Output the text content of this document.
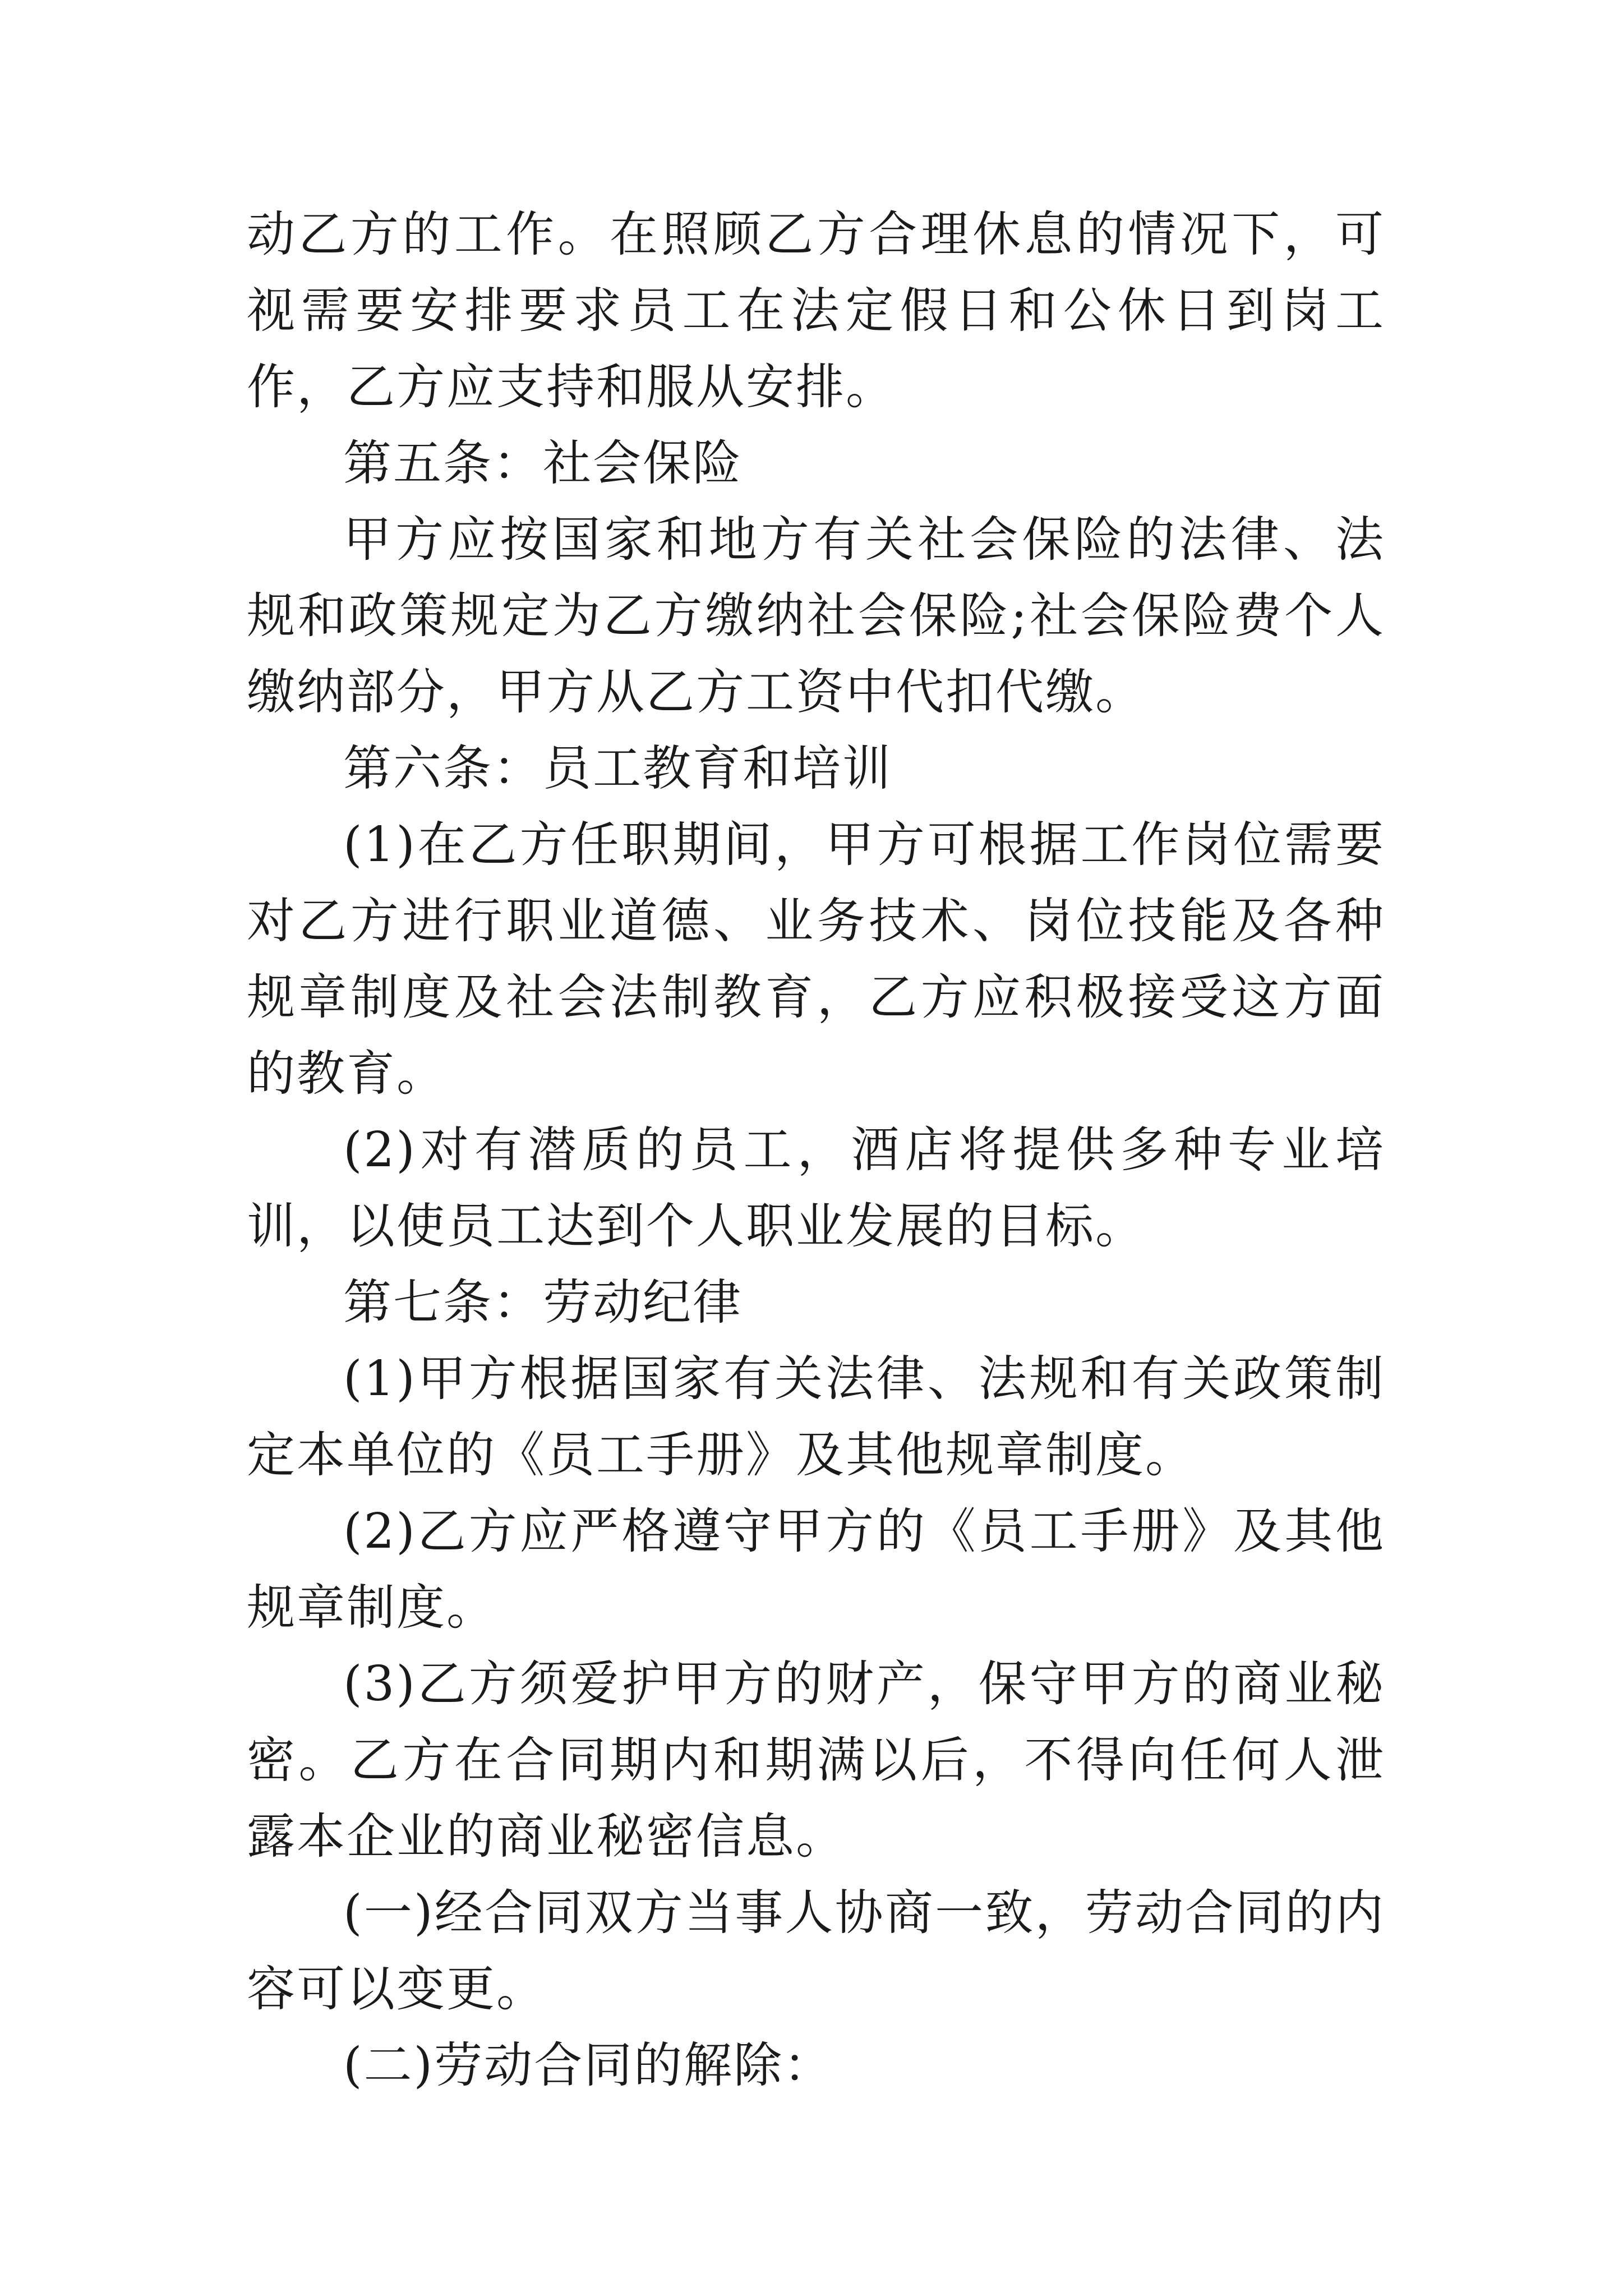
动乙方的工作。在照顾乙方合理休息的情况下，可视需要安排要求员工在法定假日和公休日到岗工作，乙方应支持和服从安排。

第五条：社会保险

甲方应按国家和地方有关社会保险的法律、法规和政策规定为乙方缴纳社会保险;社会保险费个人缴纳部分，甲方从乙方工资中代扣代缴。

第六条：员工教育和培训

(1)在乙方任职期间，甲方可根据工作岗位需要对乙方进行职业道德、业务技术、岗位技能及各种规章制度及社会法制教育，乙方应积极接受这方面的教育。

(2)对有潜质的员工，酒店将提供多种专业培训，以使员工达到个人职业发展的目标。

第七条：劳动纪律

(1)甲方根据国家有关法律、法规和有关政策制定本单位的《员工手册》及其他规章制度。

(2)乙方应严格遵守甲方的《员工手册》及其他规章制度。

(3)乙方须爱护甲方的财产，保守甲方的商业秘密。乙方在合同期内和期满以后，不得向任何人泄露本企业的商业秘密信息。

(一)经合同双方当事人协商一致，劳动合同的内容可以变更。

(二)劳动合同的解除：
